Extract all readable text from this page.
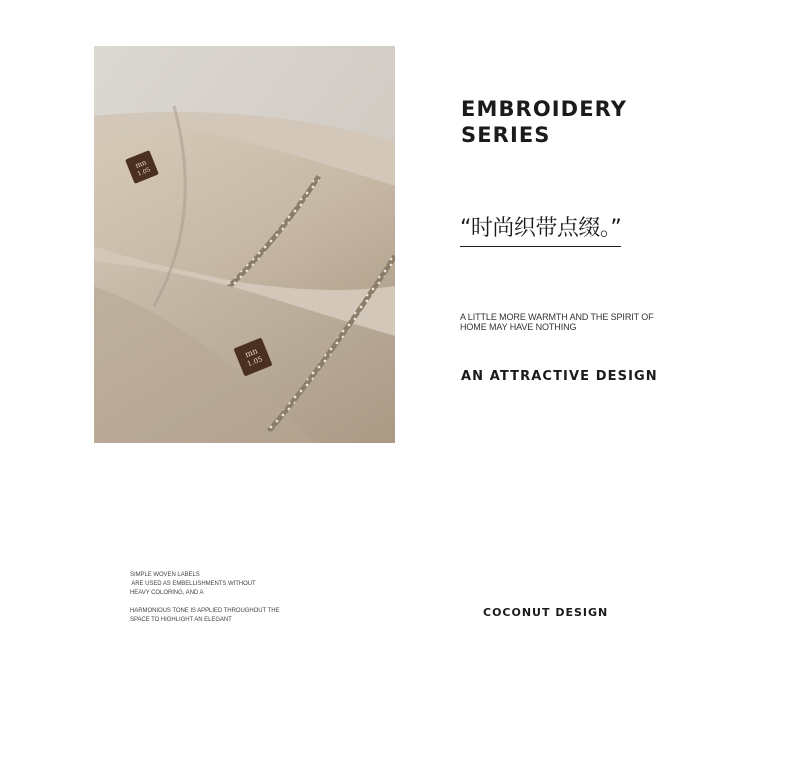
mn
1.05
mn
1.05
EMBROIDERY
SERIES
“时尚织带点缀。”
A LITTLE MORE WARMTH AND THE SPIRIT OF
HOME MAY HAVE NOTHING
AN ATTRACTIVE DESIGN
SIMPLE WOVEN LABELS
ARE USED AS EMBELLISHMENTS WITHOUT
HEAVY COLORING, AND A
HARMONIOUS TONE IS APPLIED THROUGHOUT THE
SPACE TO HIGHLIGHT AN ELEGANT
COCONUT DESIGN
